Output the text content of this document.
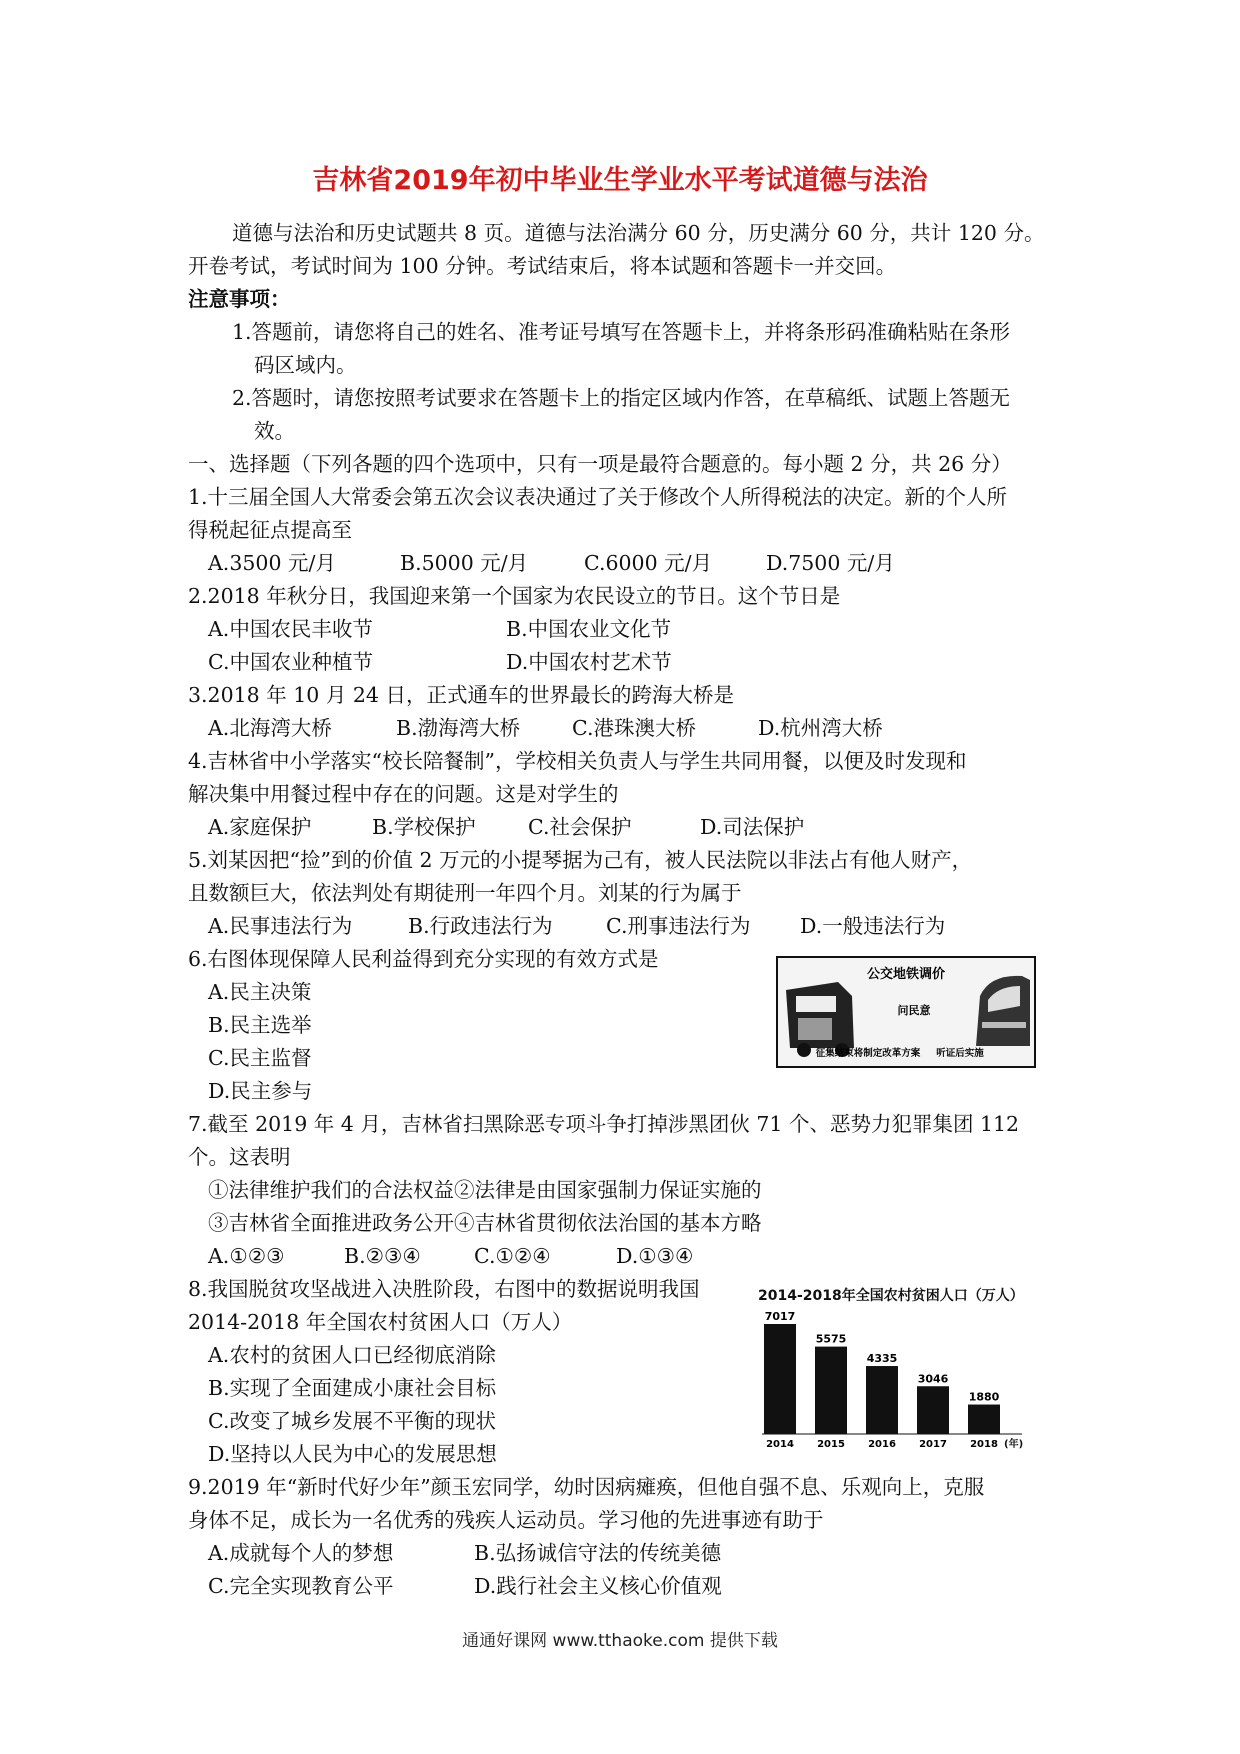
吉林省2019年初中毕业生学业水平考试道德与法治
道德与法治和历史试题共 8 页。道德与法治满分 60 分，历史满分 60 分，共计 120 分。
开卷考试，考试时间为 100 分钟。考试结束后，将本试题和答题卡一并交回。
注意事项：
1.答题前，请您将自己的姓名、准考证号填写在答题卡上，并将条形码准确粘贴在条形
码区域内。
2.答题时，请您按照考试要求在答题卡上的指定区域内作答，在草稿纸、试题上答题无
效。
一、选择题（下列各题的四个选项中，只有一项是最符合题意的。每小题 2 分，共 26 分）
1.十三届全国人大常委会第五次会议表决通过了关于修改个人所得税法的决定。新的个人所
得税起征点提高至
A.3500 元/月	B.5000 元/月	C.6000 元/月	D.7500 元/月
2.2018 年秋分日，我国迎来第一个国家为农民设立的节日。这个节日是
A.中国农民丰收节	B.中国农业文化节
C.中国农业种植节	D.中国农村艺术节
3.2018 年 10 月 24 日，正式通车的世界最长的跨海大桥是
A.北海湾大桥	B.渤海湾大桥	C.港珠澳大桥	D.杭州湾大桥
4.吉林省中小学落实“校长陪餐制”，学校相关负责人与学生共同用餐，以便及时发现和
解决集中用餐过程中存在的问题。这是对学生的
A.家庭保护	B.学校保护	C.社会保护	D.司法保护
5.刘某因把“捡”到的价值 2 万元的小提琴据为己有，被人民法院以非法占有他人财产，
且数额巨大，依法判处有期徒刑一年四个月。刘某的行为属于
A.民事违法行为	B.行政违法行为	C.刑事违法行为 D.一般违法行为
6.右图体现保障人民利益得到充分实现的有效方式是
A.民主决策
B.民主选举
C.民主监督
D.民主参与
公交地铁调价
问民意
征集结束将制定改革方案 听证后实施
7.截至 2019 年 4 月，吉林省扫黑除恶专项斗争打掉涉黑团伙 71 个、恶势力犯罪集团 112
个。这表明
①法律维护我们的合法权益②法律是由国家强制力保证实施的
③吉林省全面推进政务公开④吉林省贯彻依法治国的基本方略
A.①②③	B.②③④	C.①②④	D.①③④
8.我国脱贫攻坚战进入决胜阶段，右图中的数据说明我国
2014-2018 年全国农村贫困人口（万人）
A.农村的贫困人口已经彻底消除
B.实现了全面建成小康社会目标
C.改变了城乡发展不平衡的现状
D.坚持以人民为中心的发展思想
2014-2018年全国农村贫困人口（万人）
7017
2014
5575
2015
4335
2016
3046
2017
1880
2018 (年)
9.2019 年“新时代好少年”颜玉宏同学，幼时因病瘫痪，但他自强不息、乐观向上，克服
身体不足，成长为一名优秀的残疾人运动员。学习他的先进事迹有助于
A.成就每个人的梦想	B.弘扬诚信守法的传统美德
C.完全实现教育公平	D.践行社会主义核心价值观
通通好课网 www.tthaoke.com 提供下载
